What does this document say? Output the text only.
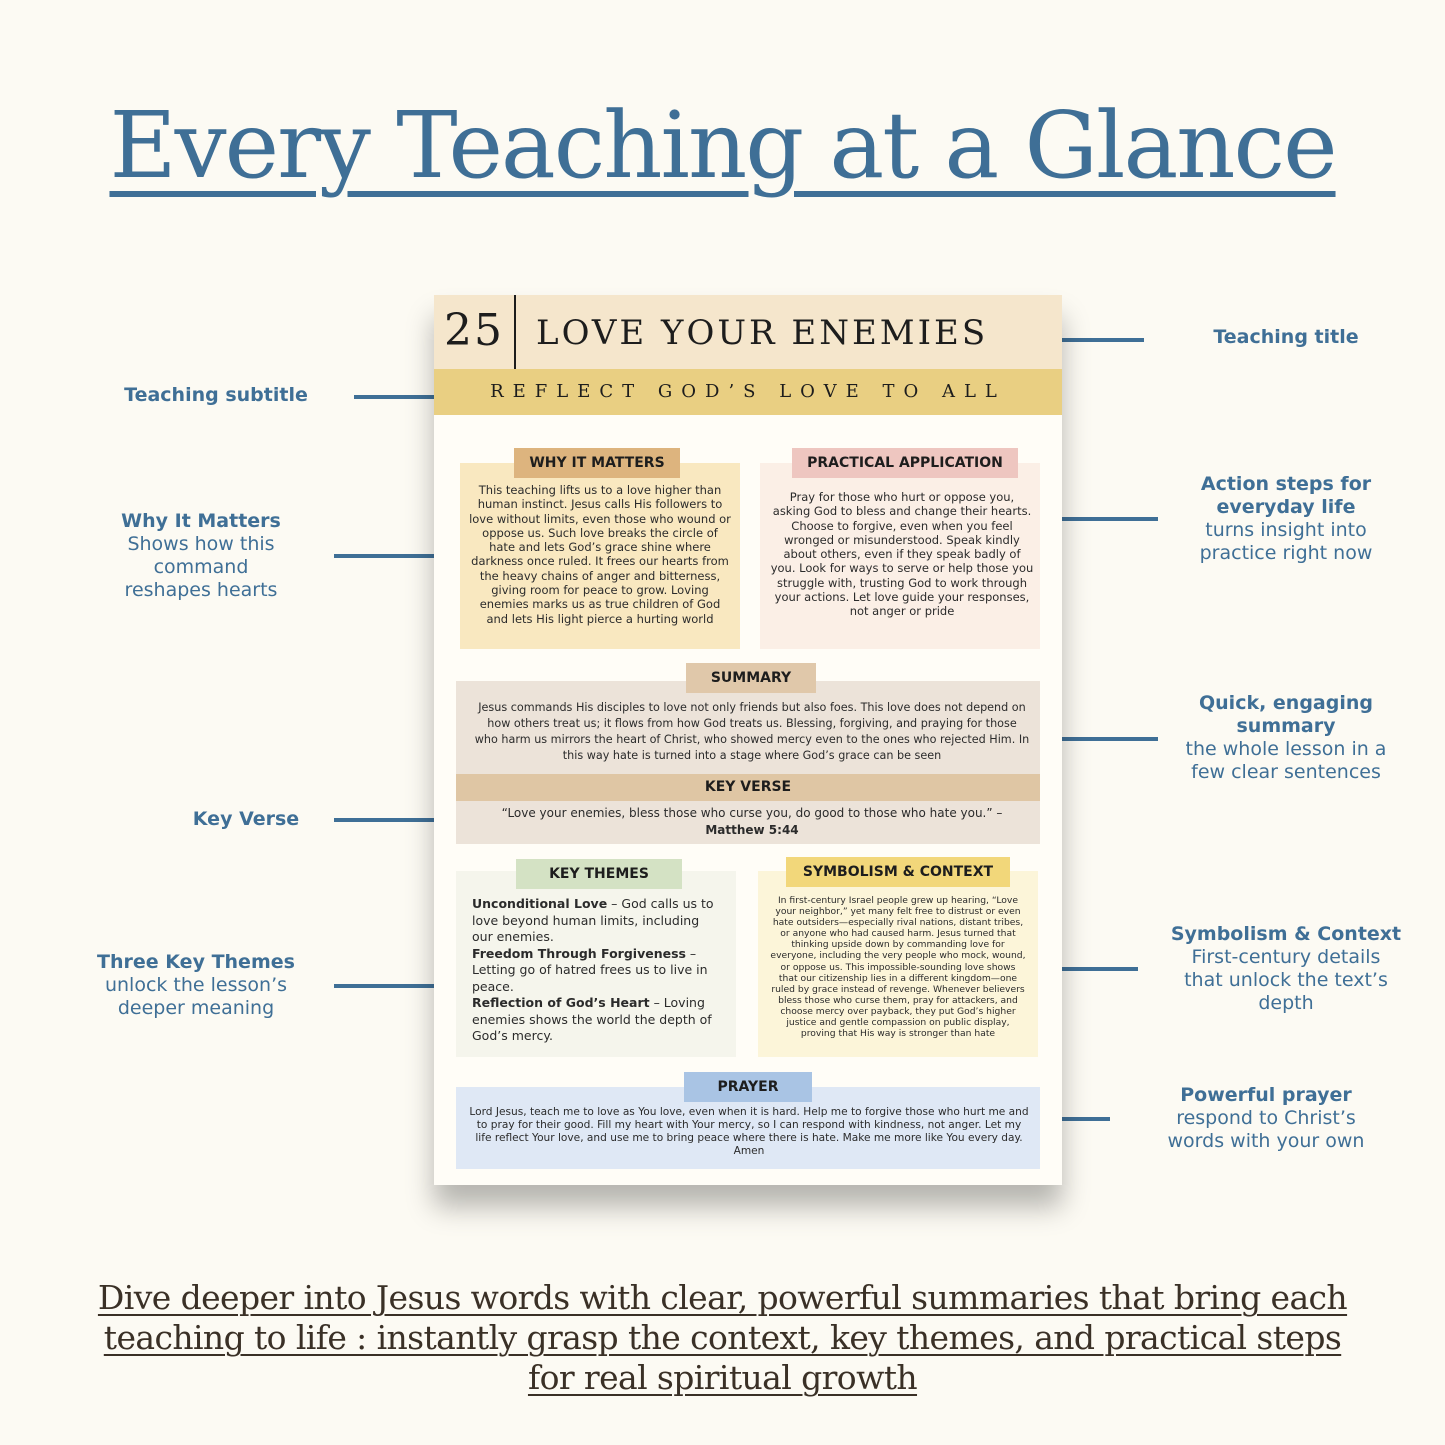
Every Teaching at a Glance
Teaching subtitle
Why It Matters
Shows how this
command
reshapes hearts
Key Verse
Three Key Themes
unlock the lesson’s
deeper meaning
Teaching title
Action steps for
everyday life
turns insight into
practice right now
Quick, engaging
summary
the whole lesson in a
few clear sentences
Symbolism & Context
First-century details
that unlock the text’s
depth
Powerful prayer
respond to Christ’s
words with your own
25 LOVE YOUR ENEMIES
REFLECT GOD’S LOVE TO ALL
WHY IT MATTERS
This teaching lifts us to a love higher than human instinct. Jesus calls His followers to love without limits, even those who wound or oppose us. Such love breaks the circle of hate and lets God’s grace shine where darkness once ruled. It frees our hearts from the heavy chains of anger and bitterness, giving room for peace to grow. Loving enemies marks us as true children of God and lets His light pierce a hurting world
PRACTICAL APPLICATION
Pray for those who hurt or oppose you, asking God to bless and change their hearts. Choose to forgive, even when you feel wronged or misunderstood. Speak kindly about others, even if they speak badly of you. Look for ways to serve or help those you struggle with, trusting God to work through your actions. Let love guide your responses, not anger or pride
SUMMARY
Jesus commands His disciples to love not only friends but also foes. This love does not depend on how others treat us; it flows from how God treats us. Blessing, forgiving, and praying for those who harm us mirrors the heart of Christ, who showed mercy even to the ones who rejected Him. In this way hate is turned into a stage where God’s grace can be seen
KEY VERSE
“Love your enemies, bless those who curse you, do good to those who hate you.” –
Matthew 5:44
KEY THEMES

Unconditional Love – God calls us to love beyond human limits, including our enemies.

Freedom Through Forgiveness – Letting go of hatred frees us to live in peace.

Reflection of God’s Heart – Loving enemies shows the world the depth of God’s mercy.

SYMBOLISM & CONTEXT
In first-century Israel people grew up hearing, “Love your neighbor,” yet many felt free to distrust or even hate outsiders—especially rival nations, distant tribes, or anyone who had caused harm. Jesus turned that thinking upside down by commanding love for everyone, including the very people who mock, wound, or oppose us. This impossible-sounding love shows that our citizenship lies in a different kingdom—one ruled by grace instead of revenge. Whenever believers bless those who curse them, pray for attackers, and choose mercy over payback, they put God’s higher justice and gentle compassion on public display, proving that His way is stronger than hate
PRAYER
Lord Jesus, teach me to love as You love, even when it is hard. Help me to forgive those who hurt me and to pray for their good. Fill my heart with Your mercy, so I can respond with kindness, not anger. Let my life reflect Your love, and use me to bring peace where there is hate. Make me more like You every day. Amen
Dive deeper into Jesus words with clear, powerful summaries that bring each teaching to life : instantly grasp the context, key themes, and practical steps for real spiritual growth
